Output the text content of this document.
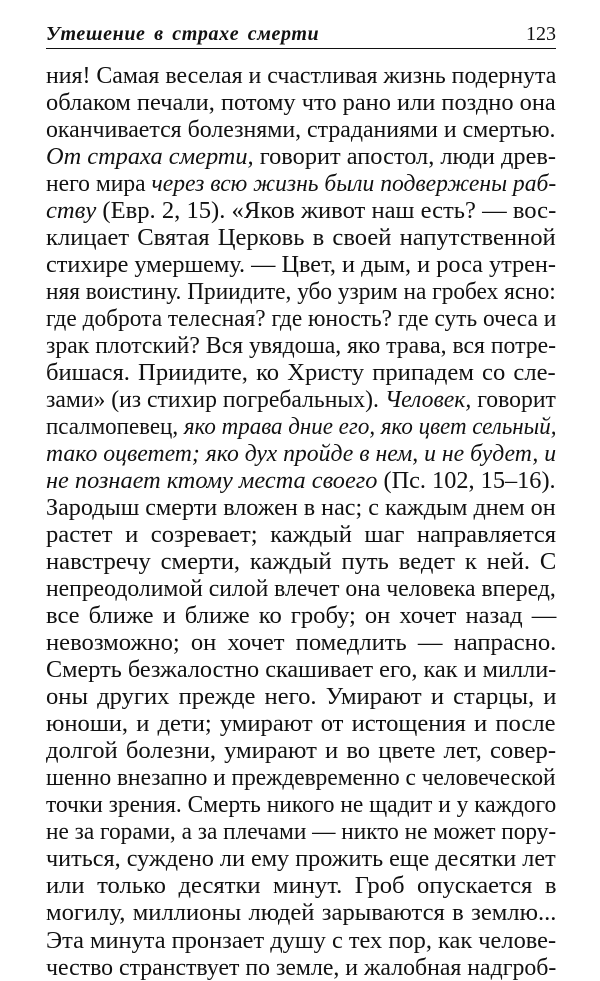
Утешение в страхе смерти	123
ния! Самая веселая и счастливая жизнь подернута
облаком печали, потому что рано или поздно она
оканчивается болезнями, страданиями и смертью.
От страха смерти, говорит апостол, люди древ-
него мира через всю жизнь были подвержены раб-
ству (Евр. 2, 15). «Яков живот наш есть? — вос-
клицает Святая Церковь в своей напутственной
стихире умершему. — Цвет, и дым, и роса утрен-
няя воистину. Приидите, убо узрим на гробех ясно:
где доброта телесная? где юность? где суть очеса и
зрак плотский? Вся увядоша, яко трава, вся потре-
бишася. Приидите, ко Христу припадем со сле-
зами» (из стихир погребальных). Человек, говорит
псалмопевец, яко трава дние его, яко цвет сельный,
тако оцветет; яко дух пройде в нем, и не будет, и
не познает ктому места своего (Пс. 102, 15–16).
Зародыш смерти вложен в нас; с каждым днем он
растет и созревает; каждый шаг направляется
навстречу смерти, каждый путь ведет к ней. С
непреодолимой силой влечет она человека вперед,
все ближе и ближе ко гробу; он хочет назад —
невозможно; он хочет помедлить — напрасно.
Смерть безжалостно скашивает его, как и милли-
оны других прежде него. Умирают и старцы, и
юноши, и дети; умирают от истощения и после
долгой болезни, умирают и во цвете лет, совер-
шенно внезапно и преждевременно с человеческой
точки зрения. Смерть никого не щадит и у каждого
не за горами, а за плечами — никто не может пору-
читься, суждено ли ему прожить еще десятки лет
или только десятки минут. Гроб опускается в
могилу, миллионы людей зарываются в землю...
Эта минута пронзает душу с тех пор, как челове-
чество странствует по земле, и жалобная надгроб-
